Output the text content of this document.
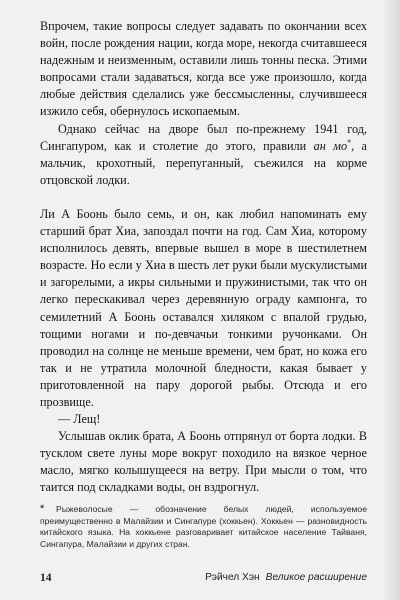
Впрочем, такие вопросы следует задавать по окончании всех войн, после рождения нации, когда море, некогда считавшееся надежным и неизменным, оставили лишь тонны песка. Этими вопросами стали задаваться, когда все уже произошло, когда любые действия сделались уже бессмысленны, случившееся изжило себя, обернулось ископаемым.

Однако сейчас на дворе был по-прежнему 1941 год, Сингапуром, как и столетие до этого, правили ан мо*, а мальчик, крохотный, перепуганный, съежился на корме отцовской лодки.

Ли А Боонь было семь, и он, как любил напоминать ему старший брат Хиа, запоздал почти на год. Сам Хиа, которому исполнилось девять, впервые вышел в море в шестилетнем возрасте. Но если у Хиа в шесть лет руки были мускулистыми и загорелыми, а икры сильными и пружинистыми, так что он легко перескакивал через деревянную ограду кампонга, то семилетний А Боонь оставался хиляком с впалой грудью, тощими ногами и по-девчачьи тонкими ручонками. Он проводил на солнце не меньше времени, чем брат, но кожа его так и не утратила молочной бледности, какая бывает у приготовленной на пару дорогой рыбы. Отсюда и его прозвище.

— Лещ!

Услышав оклик брата, А Боонь отпрянул от борта лодки. В тусклом свете луны море вокруг походило на вязкое черное масло, мягко колышущееся на ветру. При мысли о том, что таится под складками воды, он вздрогнул.

* Рыжеволосые — обозначение белых людей, используемое преимущественно в Малайзии и Сингапуре (хоккьен). Хоккьен — разновидность китайского языка. На хоккьене разговаривает китайское население Тайваня, Сингапура, Малайзии и других стран.
14	Рэйчел Хэн Великое расширение
